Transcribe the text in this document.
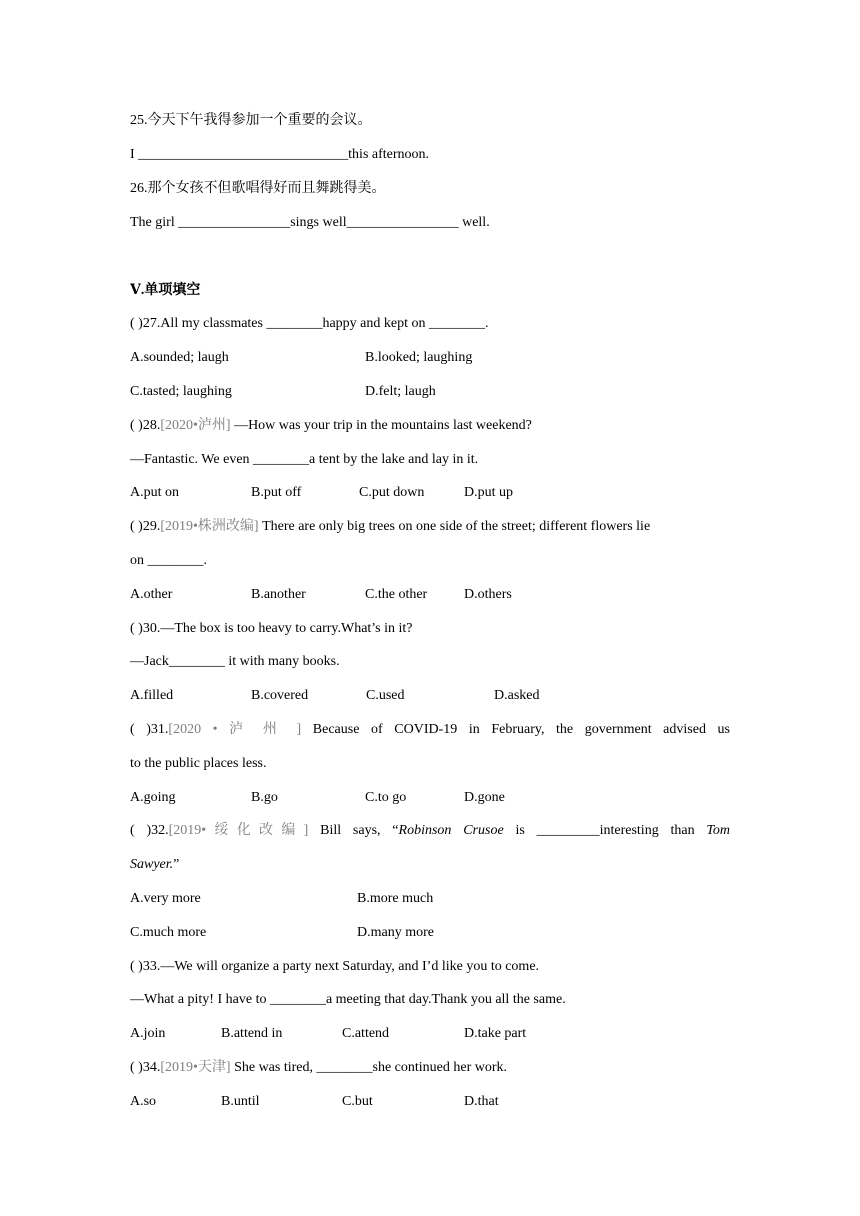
25.今天下午我得参加一个重要的会议。
I ______________________________this afternoon.
26.那个女孩不但歌唱得好而且舞跳得美。
The girl ________________sings well________________ well.
Ⅴ.单项填空
( )27.All my classmates ________happy and kept on ________.
A.sounded; laugh	B.looked; laughing
C.tasted; laughing	D.felt; laugh
( )28.[2020•泸州] —How was your trip in the mountains last weekend?
—Fantastic. We even ________a tent by the lake and lay in it.
A.put on	B.put off	C.put down	D.put up
( )29.[2019•株洲改编] There are only big trees on one side of the street; different flowers lie
on ________.
A.other	B.another	C.the other	D.others
( )30.—The box is too heavy to carry.What’s in it?
—Jack________ it with many books.
A.filled	B.covered	C.used	D.asked
( )31.[2020 • 泸 州 ] Because of COVID-19 in February, the government advised us
to the public places less.
A.going	B.go	C.to go	D.gone
( )32.[2019•绥化改编] Bill says, “Robinson Crusoe is _________interesting than Tom
Sawyer.”
A.very more	B.more much
C.much more	D.many more
( )33.—We will organize a party next Saturday, and I’d like you to come.
—What a pity! I have to ________a meeting that day.Thank you all the same.
A.join	B.attend in	C.attend	D.take part
( )34.[2019•天津] She was tired, ________she continued her work.
A.so	B.until	C.but	D.that
